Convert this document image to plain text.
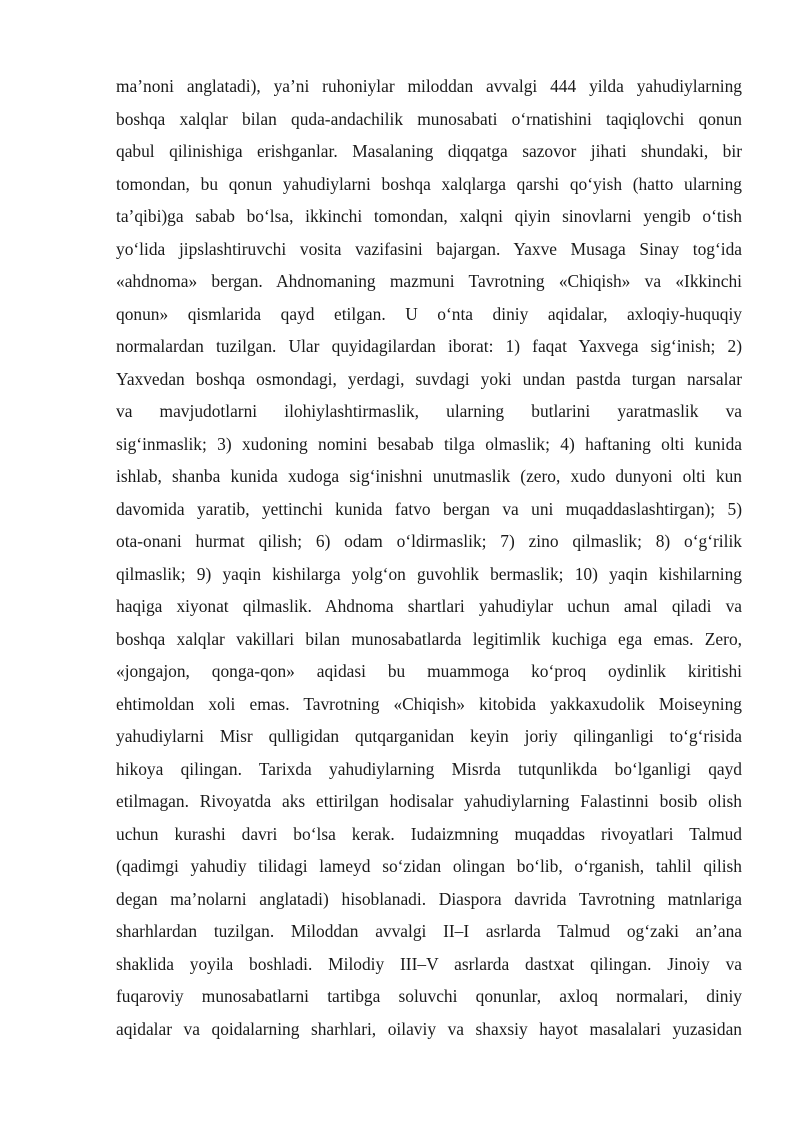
ma’noni anglatadi), ya’ni ruhoniylar miloddan avvalgi 444 yilda yahudiylarning
boshqa xalqlar bilan quda-andachilik munosabati o‘rnatishini taqiqlovchi qonun
qabul qilinishiga erishganlar. Masalaning diqqatga sazovor jihati shundaki, bir
tomondan, bu qonun yahudiylarni boshqa xalqlarga qarshi qo‘yish (hatto ularning
ta’qibi)ga sabab bo‘lsa, ikkinchi tomondan, xalqni qiyin sinovlarni yengib o‘tish
yo‘lida jipslashtiruvchi vosita vazifasini bajargan. Yaxve Musaga Sinay tog‘ida
«ahdnoma» bergan. Ahdnomaning mazmuni Tavrotning «Chiqish» va «Ikkinchi
qonun» qismlarida qayd etilgan. U o‘nta diniy aqidalar, axloqiy-huquqiy
normalardan tuzilgan. Ular quyidagilardan iborat: 1) faqat Yaxvega sig‘inish; 2)
Yaxvedan boshqa osmondagi, yerdagi, suvdagi yoki undan pastda turgan narsalar
va mavjudotlarni ilohiylashtirmaslik, ularning butlarini yaratmaslik va
sig‘inmaslik; 3) xudoning nomini besabab tilga olmaslik; 4) haftaning olti kunida
ishlab, shanba kunida xudoga sig‘inishni unutmaslik (zero, xudo dunyoni olti kun
davomida yaratib, yettinchi kunida fatvo bergan va uni muqaddaslashtirgan); 5)
ota-onani hurmat qilish; 6) odam o‘ldirmaslik; 7) zino qilmaslik; 8) o‘g‘rilik
qilmaslik; 9) yaqin kishilarga yolg‘on guvohlik bermaslik; 10) yaqin kishilarning
haqiga xiyonat qilmaslik. Ahdnoma shartlari yahudiylar uchun amal qiladi va
boshqa xalqlar vakillari bilan munosabatlarda legitimlik kuchiga ega emas. Zero,
«jongajon, qonga-qon» aqidasi bu muammoga ko‘proq oydinlik kiritishi
ehtimoldan xoli emas. Tavrotning «Chiqish» kitobida yakkaxudolik Moiseyning
yahudiylarni Misr qulligidan qutqarganidan keyin joriy qilinganligi to‘g‘risida
hikoya qilingan. Tarixda yahudiylarning Misrda tutqunlikda bo‘lganligi qayd
etilmagan. Rivoyatda aks ettirilgan hodisalar yahudiylarning Falastinni bosib olish
uchun kurashi davri bo‘lsa kerak. Iudaizmning muqaddas rivoyatlari Talmud
(qadimgi yahudiy tilidagi lameyd so‘zidan olingan bo‘lib, o‘rganish, tahlil qilish
degan ma’nolarni anglatadi) hisoblanadi. Diaspora davrida Tavrotning matnlariga
sharhlardan tuzilgan. Miloddan avvalgi II–I asrlarda Talmud og‘zaki an’ana
shaklida yoyila boshladi. Milodiy III–V asrlarda dastxat qilingan. Jinoiy va
fuqaroviy munosabatlarni tartibga soluvchi qonunlar, axloq normalari, diniy
aqidalar va qoidalarning sharhlari, oilaviy va shaxsiy hayot masalalari yuzasidan
